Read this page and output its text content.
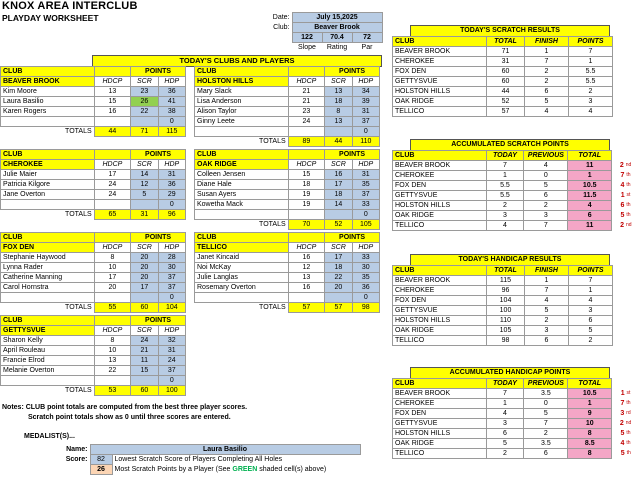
KNOX AREA INTERCLUB
PLAYDAY WORKSHEET	Date:	July 15,2025		
Club:	Beaver Brook		
	122	70.4	72
	Slope	Rating	Par
TODAY'S CLUBS AND PLAYERS
CLUB		POINTS	
BEAVER BROOK	HDCP	SCR	HDP
Kim Moore	13	23	36
Laura Basilio	15	26	41
Karen Rogers	16	22	38
			0
TOTALS	44	71	115
CLUB		POINTS	
HOLSTON HILLS	HDCP	SCR	HDP
Mary Slack	21	13	34
Lisa Anderson	21	18	39
Alison Taylor	23	8	31
Ginny Leete	24	13	37
			0
TOTALS	89	44	110
CLUB		POINTS	
CHEROKEE	HDCP	SCR	HDP
Julie Maier	17	14	31
Patricia Kilgore	24	12	36
Jane Overton	24	5	29
			0
TOTALS	65	31	96
CLUB		POINTS	
OAK RIDGE	HDCP	SCR	HDP
Colleen Jensen	15	16	31
Diane Hale	18	17	35
Susan Ayers	19	18	37
Kowetha Mack	19	14	33
			0
TOTALS	70	52	105
CLUB		POINTS	
FOX DEN	HDCP	SCR	HDP
Stephanie Haywood	8	20	28
Lynna Rader	10	20	30
Catherine Manning	17	20	37
Carol Hornstra	20	17	37
			0
TOTALS	55	60	104
CLUB		POINTS	
TELLICO	HDCP	SCR	HDP
Janet Kincaid	16	17	33
Noi McKay	12	18	30
Julie Langlas	13	22	35
Rosemary Overton	16	20	36
			0
TOTALS	57	57	98
CLUB		POINTS	
GETTYSVUE	HDCP	SCR	HDP
Sharon Kelly	8	24	32
April Rouleau	10	21	31
Francie Elrod	13	11	24
Melanie Overton	22	15	37
			0
TOTALS	53	60	100
TODAY'S SCRATCH RESULTS
CLUB	TOTAL	FINISH	POINTS
BEAVER BROOK	71	1	7
CHEROKEE	31	7	1
FOX DEN	60	2	5.5
GETTYSVUE	60	2	5.5
HOLSTON HILLS	44	6	2
OAK RIDGE	52	5	3
TELLICO	57	4	4
ACCUMULATED SCRATCH POINTS
CLUB	TODAY	PREVIOUS	TOTAL	
BEAVER BROOK	7	4	11	2 $^{nd}$
CHEROKEE	1	0	1	7 $^{th}$
FOX DEN	5.5	5	10.5	4 $^{th}$
GETTYSVUE	5.5	6	11.5	1 $^{st}$
HOLSTON HILLS	2	2	4	6 $^{th}$
OAK RIDGE	3	3	6	5 $^{th}$
TELLICO	4	7	11	2 $^{nd}$
TODAY'S HANDICAP RESULTS
CLUB	TOTAL	FINISH	POINTS
BEAVER BROOK	115	1	7
CHEROKEE	96	7	1
FOX DEN	104	4	4
GETTYSVUE	100	5	3
HOLSTON HILLS	110	2	6
OAK RIDGE	105	3	5
TELLICO	98	6	2
ACCUMULATED HANDICAP POINTS
CLUB	TODAY	PREVIOUS	TOTAL	
BEAVER BROOK	7	3.5	10.5	1 $^{st}$
CHEROKEE	1	0	1	7 $^{th}$
FOX DEN	4	5	9	3 $^{rd}$
GETTYSVUE	3	7	10	2 $^{nd}$
HOLSTON HILLS	6	2	8	5 $^{th}$
OAK RIDGE	5	3.5	8.5	4 $^{th}$
TELLICO	2	6	8	5 $^{th}$
Notes: CLUB point totals are computed from the best three player scores.
Scratch point totals show as 0 until three scores are entered.
MEDALIST(S)...
Name:	Laura Basilio	
Score:	82	Lowest Scratch Score of Players Completing All Holes
	26	Most Scratch Points by a Player (See GREEN shaded cell(s) above)
